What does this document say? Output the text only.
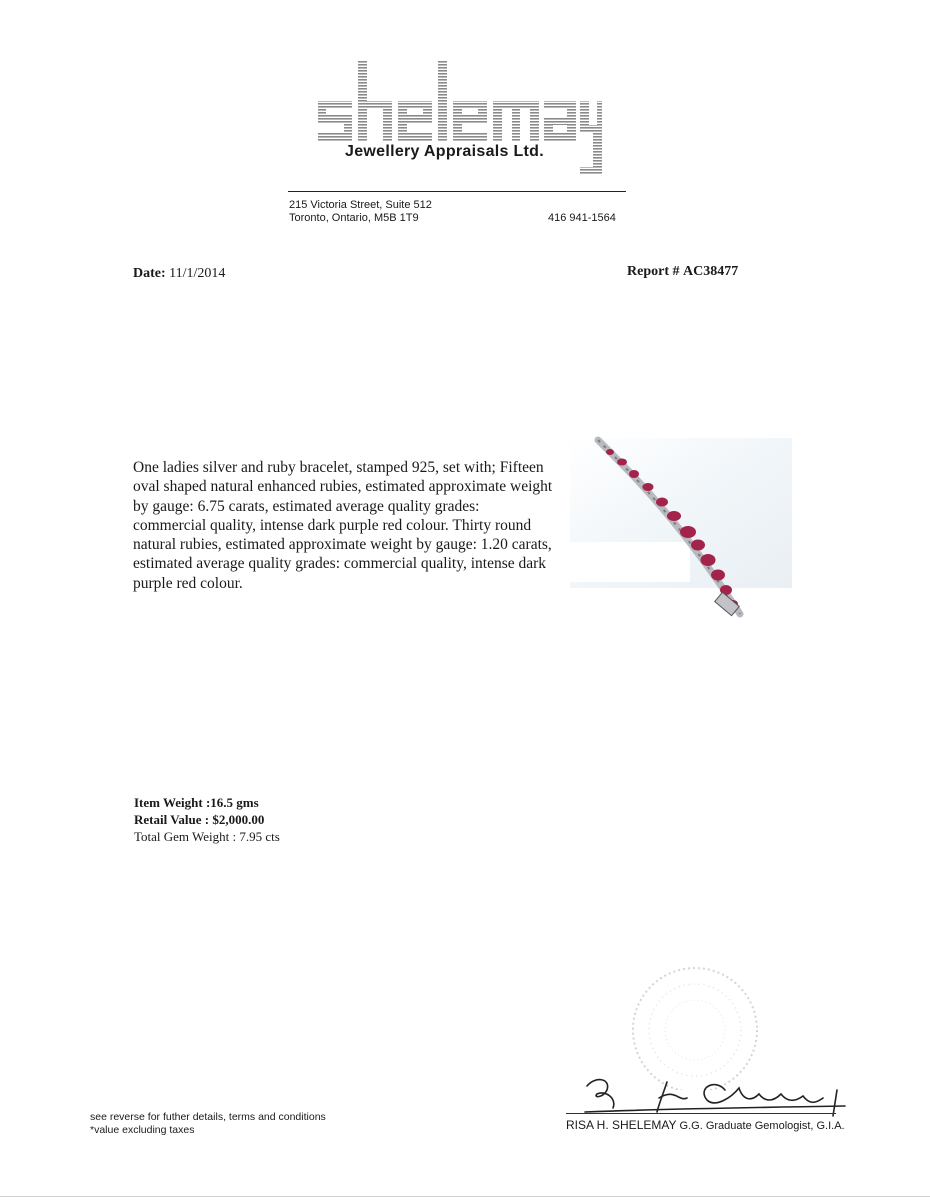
sheleMay
Jewellery Appraisals Ltd.
215 Victoria Street, Suite 512
Toronto, Ontario, M5B 1T9	416 941-1564
Date: 11/1/2014	Report # AC38477
One ladies silver and ruby bracelet, stamped 925, set with; Fifteen oval shaped natural enhanced rubies, estimated approximate weight by gauge: 6.75 carats, estimated average quality grades: commercial quality, intense dark purple red colour. Thirty round natural rubies, estimated approximate weight by gauge: 1.20 carats, estimated average quality grades: commercial quality, intense dark purple red colour.
Item Weight :16.5 gms
Retail Value : $2,000.00
Total Gem Weight : 7.95 cts
RISA H. SHELEMAY G.G. Graduate Gemologist, G.I.A.
see reverse for futher details, terms and conditions
*value excluding taxes
